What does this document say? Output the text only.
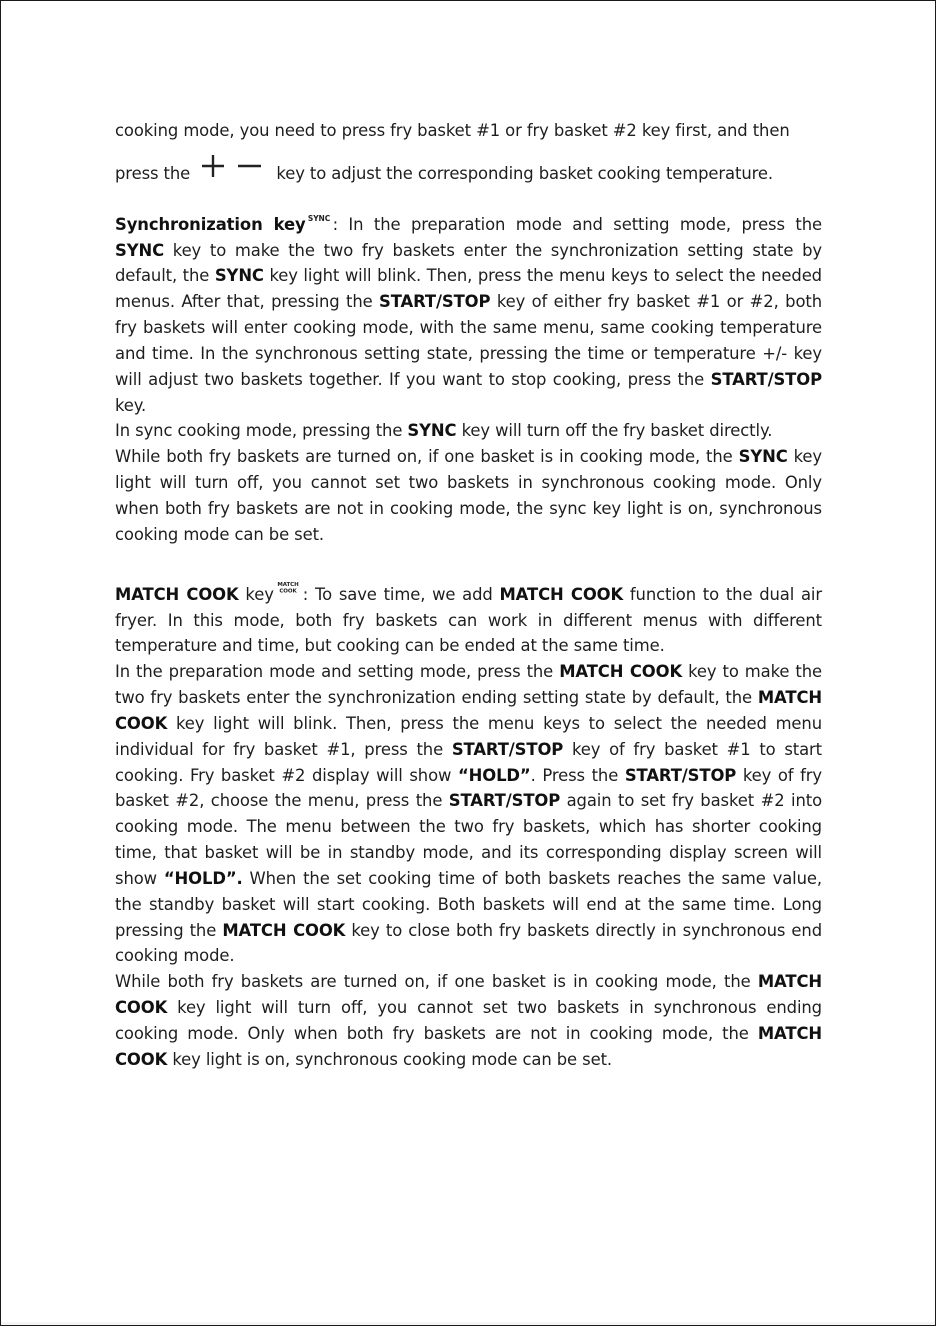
cooking mode, you need to press fry basket #1 or fry basket #2 key first, and then

press the	key to adjust the corresponding basket cooking temperature.

Synchronization key SYNC : In the preparation mode and setting mode, press the SYNC key to make the two fry baskets enter the synchronization setting state by default, the SYNC key light will blink. Then, press the menu keys to select the needed menus. After that, pressing the START/STOP key of either fry basket #1 or #2, both fry baskets will enter cooking mode, with the same menu, same cooking temperature and time. In the synchronous setting state, pressing the time or temperature +/- key will adjust two baskets together. If you want to stop cooking, press the START/STOP key.

In sync cooking mode, pressing the SYNC key will turn off the fry basket directly.

While both fry baskets are turned on, if one basket is in cooking mode, the SYNC key light will turn off, you cannot set two baskets in synchronous cooking mode. Only when both fry baskets are not in cooking mode, the sync key light is on, synchronous cooking mode can be set.

MATCH COOK key MATCH
COOK : To save time, we add MATCH COOK function to the dual air fryer. In this mode, both fry baskets can work in different menus with different temperature and time, but cooking can be ended at the same time.

In the preparation mode and setting mode, press the MATCH COOK key to make the two fry baskets enter the synchronization ending setting state by default, the MATCH COOK key light will blink. Then, press the menu keys to select the needed menu individual for fry basket #1, press the START/STOP key of fry basket #1 to start cooking. Fry basket #2 display will show “HOLD”. Press the START/STOP key of fry basket #2, choose the menu, press the START/STOP again to set fry basket #2 into cooking mode. The menu between the two fry baskets, which has shorter cooking time, that basket will be in standby mode, and its corresponding display screen will show “HOLD”. When the set cooking time of both baskets reaches the same value, the standby basket will start cooking. Both baskets will end at the same time. Long pressing the MATCH COOK key to close both fry baskets directly in synchronous end cooking mode.

While both fry baskets are turned on, if one basket is in cooking mode, the MATCH COOK key light will turn off, you cannot set two baskets in synchronous ending cooking mode. Only when both fry baskets are not in cooking mode, the MATCH COOK key light is on, synchronous cooking mode can be set.
